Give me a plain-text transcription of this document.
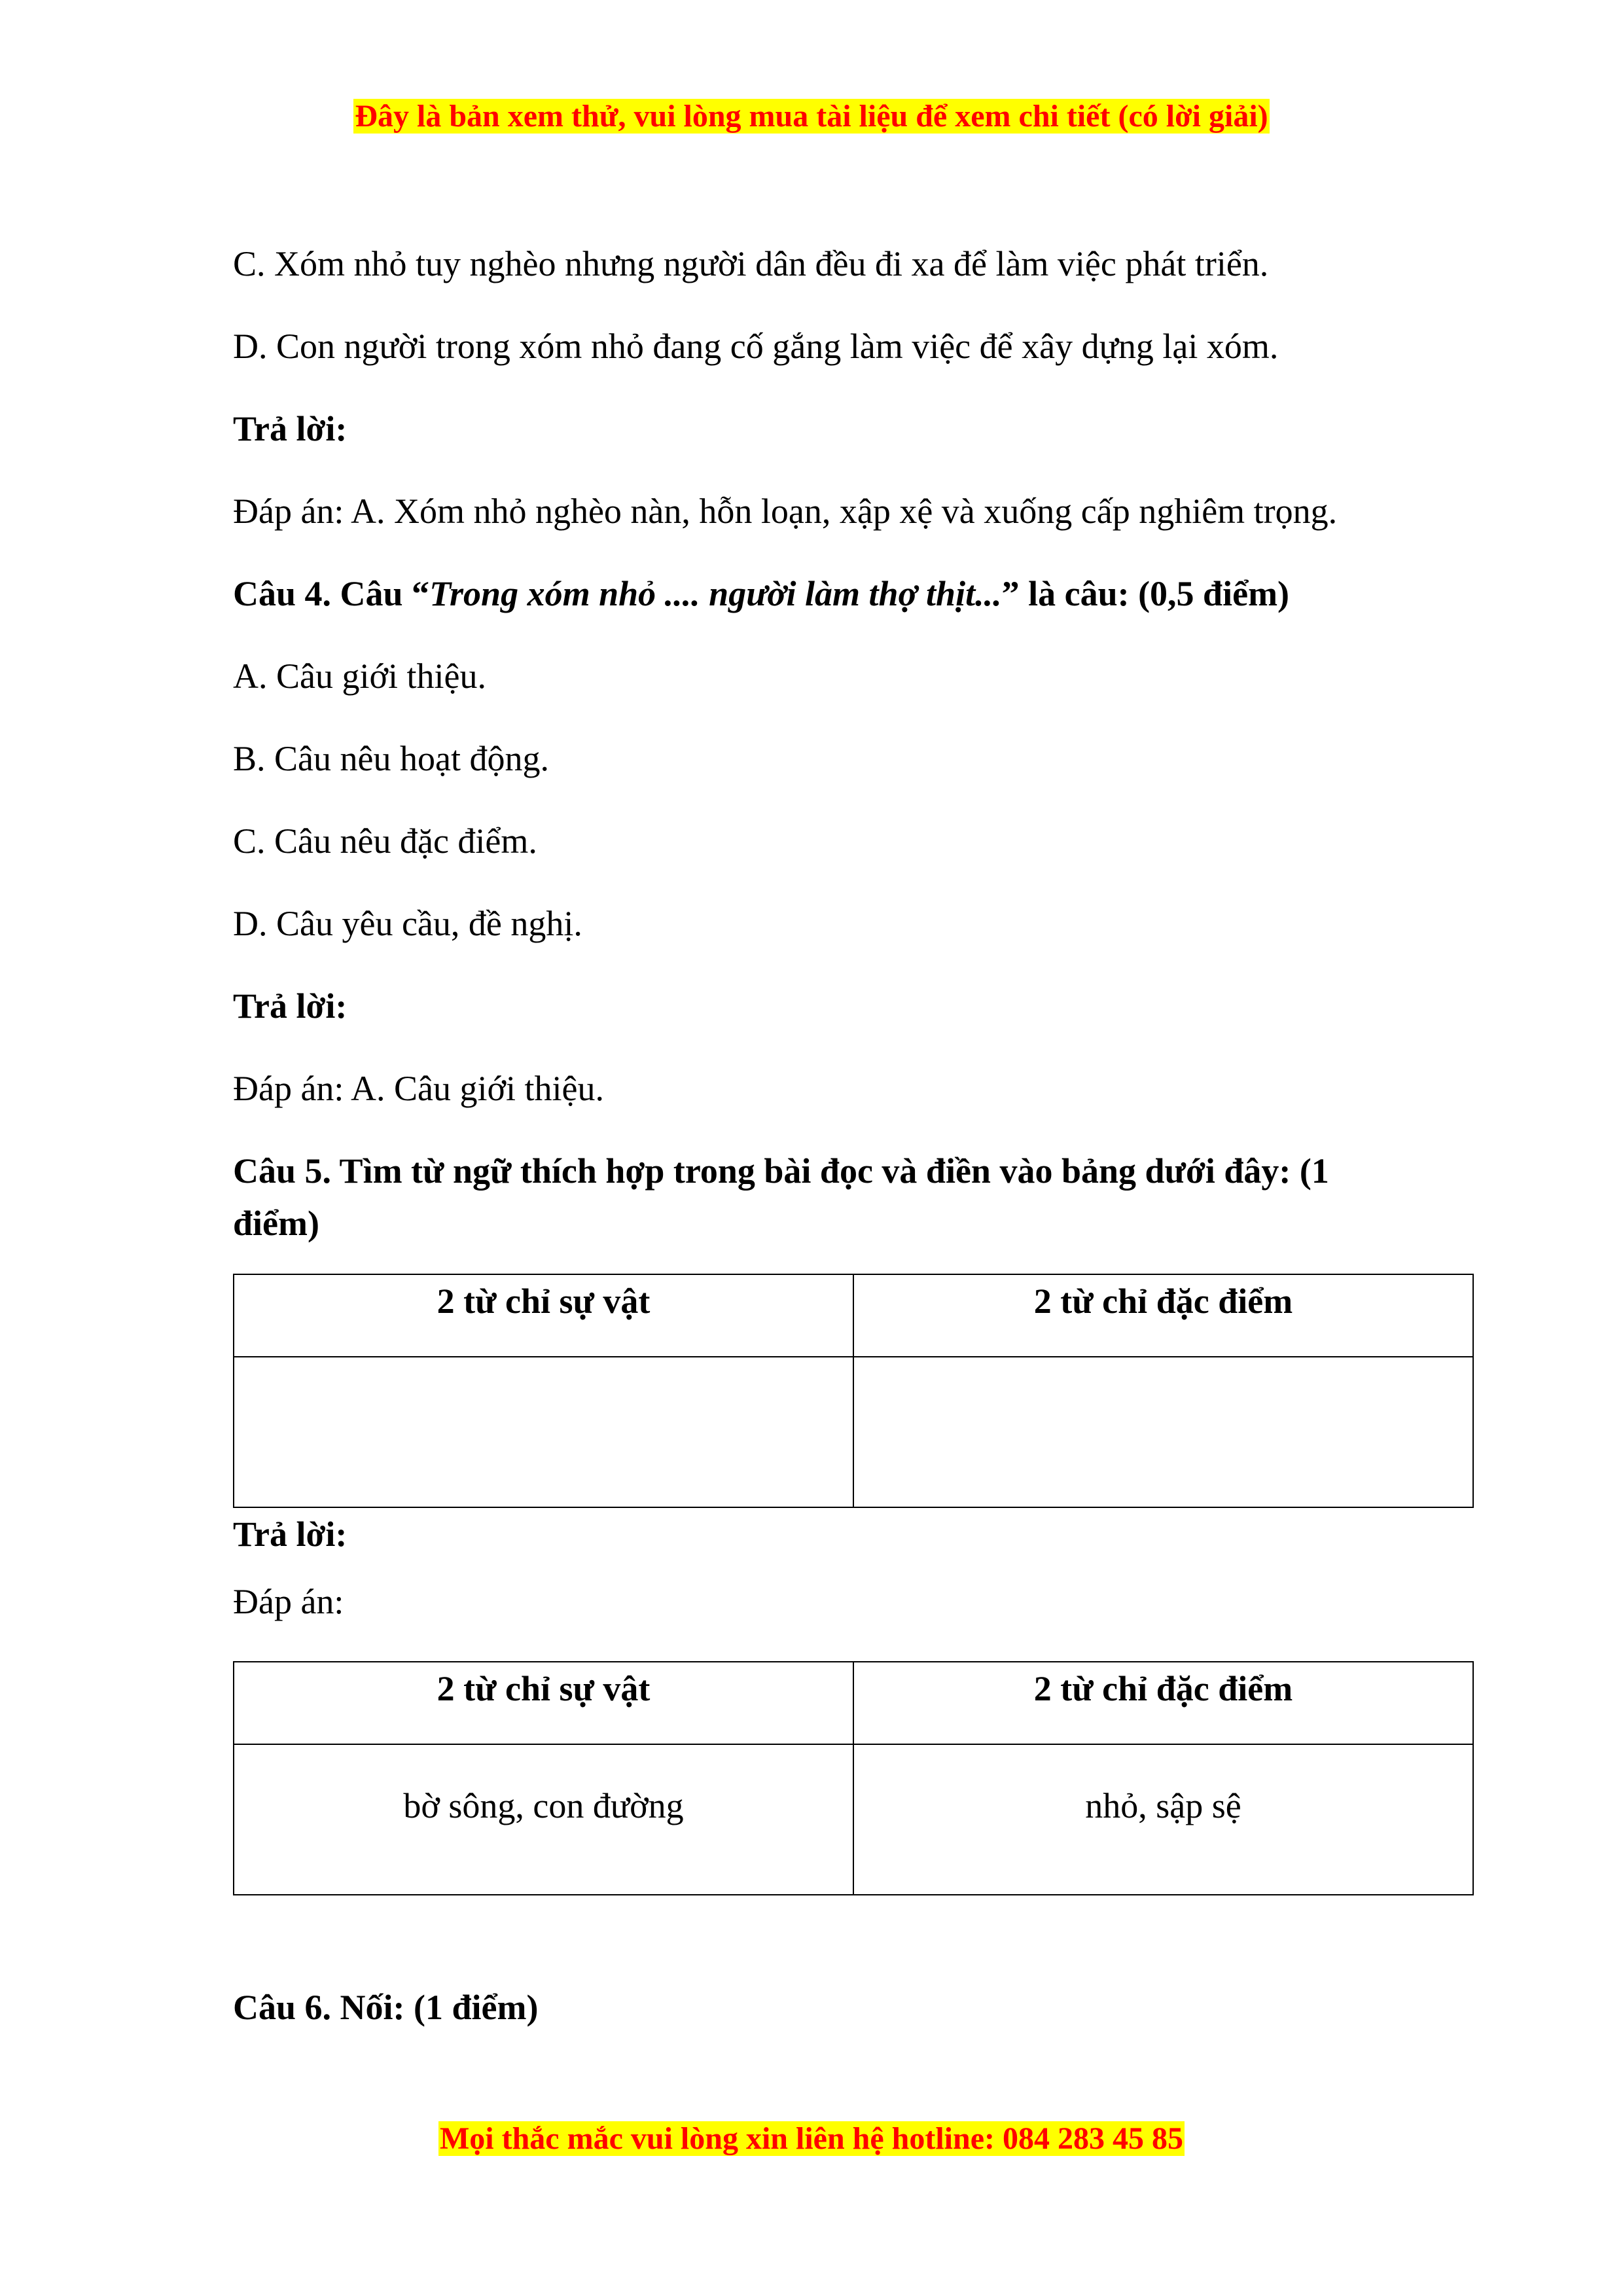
Đây là bản xem thử, vui lòng mua tài liệu để xem chi tiết (có lời giải)
C. Xóm nhỏ tuy nghèo nhưng người dân đều đi xa để làm việc phát triển.
D. Con người trong xóm nhỏ đang cố gắng làm việc để xây dựng lại xóm.
Trả lời:
Đáp án: A. Xóm nhỏ nghèo nàn, hỗn loạn, xập xệ và xuống cấp nghiêm trọng.
Câu 4. Câu “Trong xóm nhỏ .... người làm thợ thịt...” là câu: (0,5 điểm)
A. Câu giới thiệu.
B. Câu nêu hoạt động.
C. Câu nêu đặc điểm.
D. Câu yêu cầu, đề nghị.
Trả lời:
Đáp án: A. Câu giới thiệu.
Câu 5. Tìm từ ngữ thích hợp trong bài đọc và điền vào bảng dưới đây: (1
điểm)
2 từ chỉ sự vật	2 từ chỉ đặc điểm

Trả lời:
Đáp án:
2 từ chỉ sự vật	2 từ chỉ đặc điểm
bờ sông, con đường	nhỏ, sập sệ
Câu 6. Nối: (1 điểm)
Mọi thắc mắc vui lòng xin liên hệ hotline: 084 283 45 85
